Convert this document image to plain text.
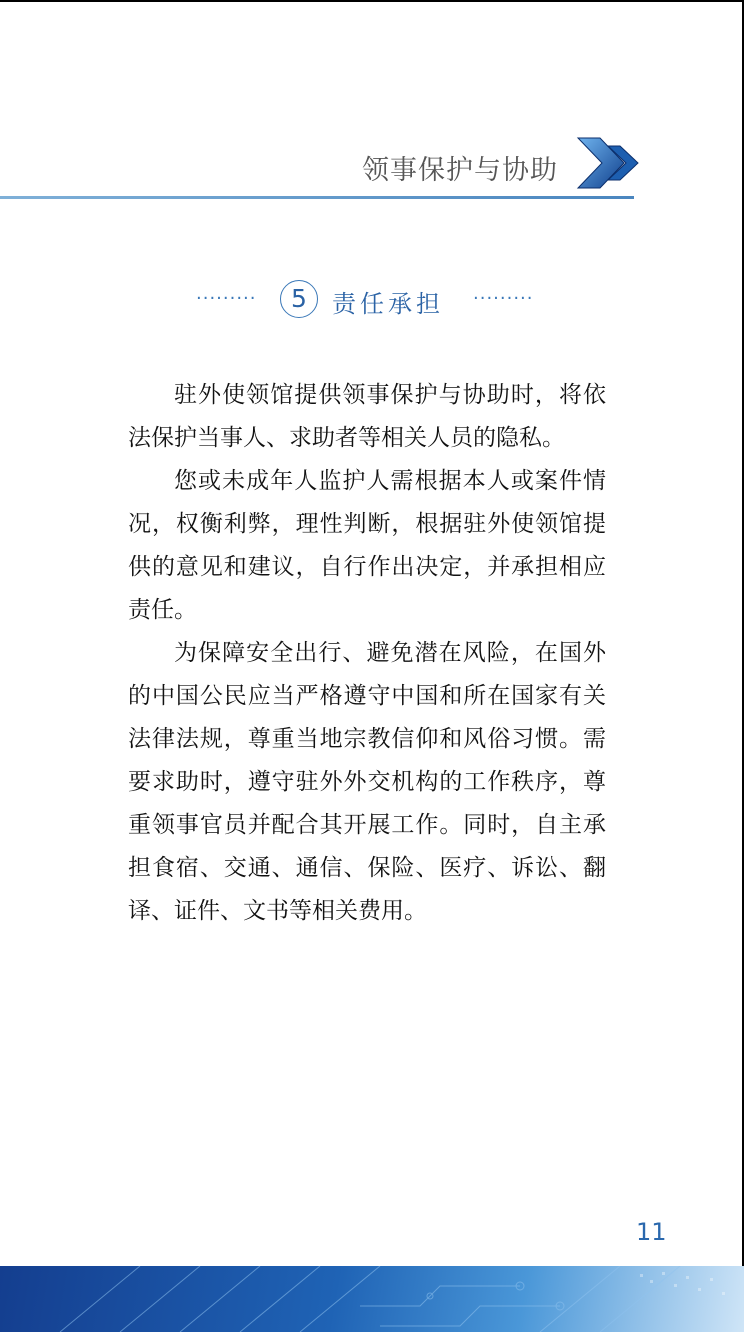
领事保护与协助
·········	5	责任承担 ·········

驻外使领馆提供领事保护与协助时，将依法保护当事人、求助者等相关人员的隐私。

您或未成年人监护人需根据本人或案件情况，权衡利弊，理性判断，根据驻外使领馆提供的意见和建议，自行作出决定，并承担相应责任。

为保障安全出行、避免潜在风险，在国外的中国公民应当严格遵守中国和所在国家有关法律法规，尊重当地宗教信仰和风俗习惯。需要求助时，遵守驻外外交机构的工作秩序，尊重领事官员并配合其开展工作。同时，自主承担食宿、交通、通信、保险、医疗、诉讼、翻译、证件、文书等相关费用。

11
